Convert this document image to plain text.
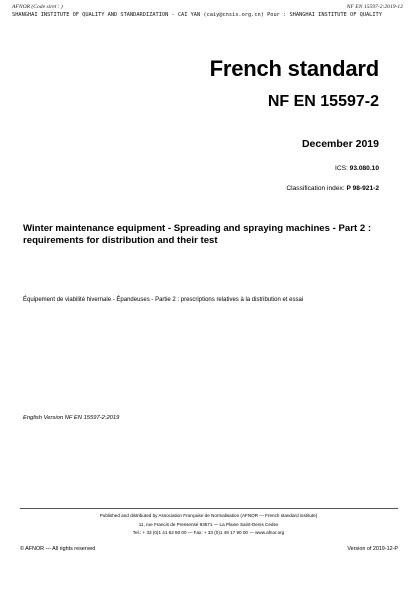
AFNOR (Code siret : )	NF EN 15597-2:2019-12
SHANGHAI INSTITUTE OF QUALITY AND STANDARDIZATION - CAI YAN (caiy@cnsis.org.cn) Pour : SHANGHAI INSTITUTE OF QUALITY
French standard
NF EN 15597-2
December 2019
ICS: 93.080.10
Classification index: P 98-921-2
Winter maintenance equipment - Spreading and spraying machines - Part 2 : requirements for distribution and their test
Équipement de viabilité hivernale - Épandeuses - Partie 2 : prescriptions relatives à la distribution et essai
English Version NF EN 15597-2:2019
Published and distributed by Association Française de Normalisation (AFNOR — French standard institute)
11, rue Francis de Pressensé 93571 — La Plaine Saint-Denis Cedex
Tel.: + 33 (0)1 41 62 80 00 — Fax: + 33 (0)1 49 17 90 00 — www.afnor.org
© AFNOR — All rights reserved	Version of 2019-12-P
